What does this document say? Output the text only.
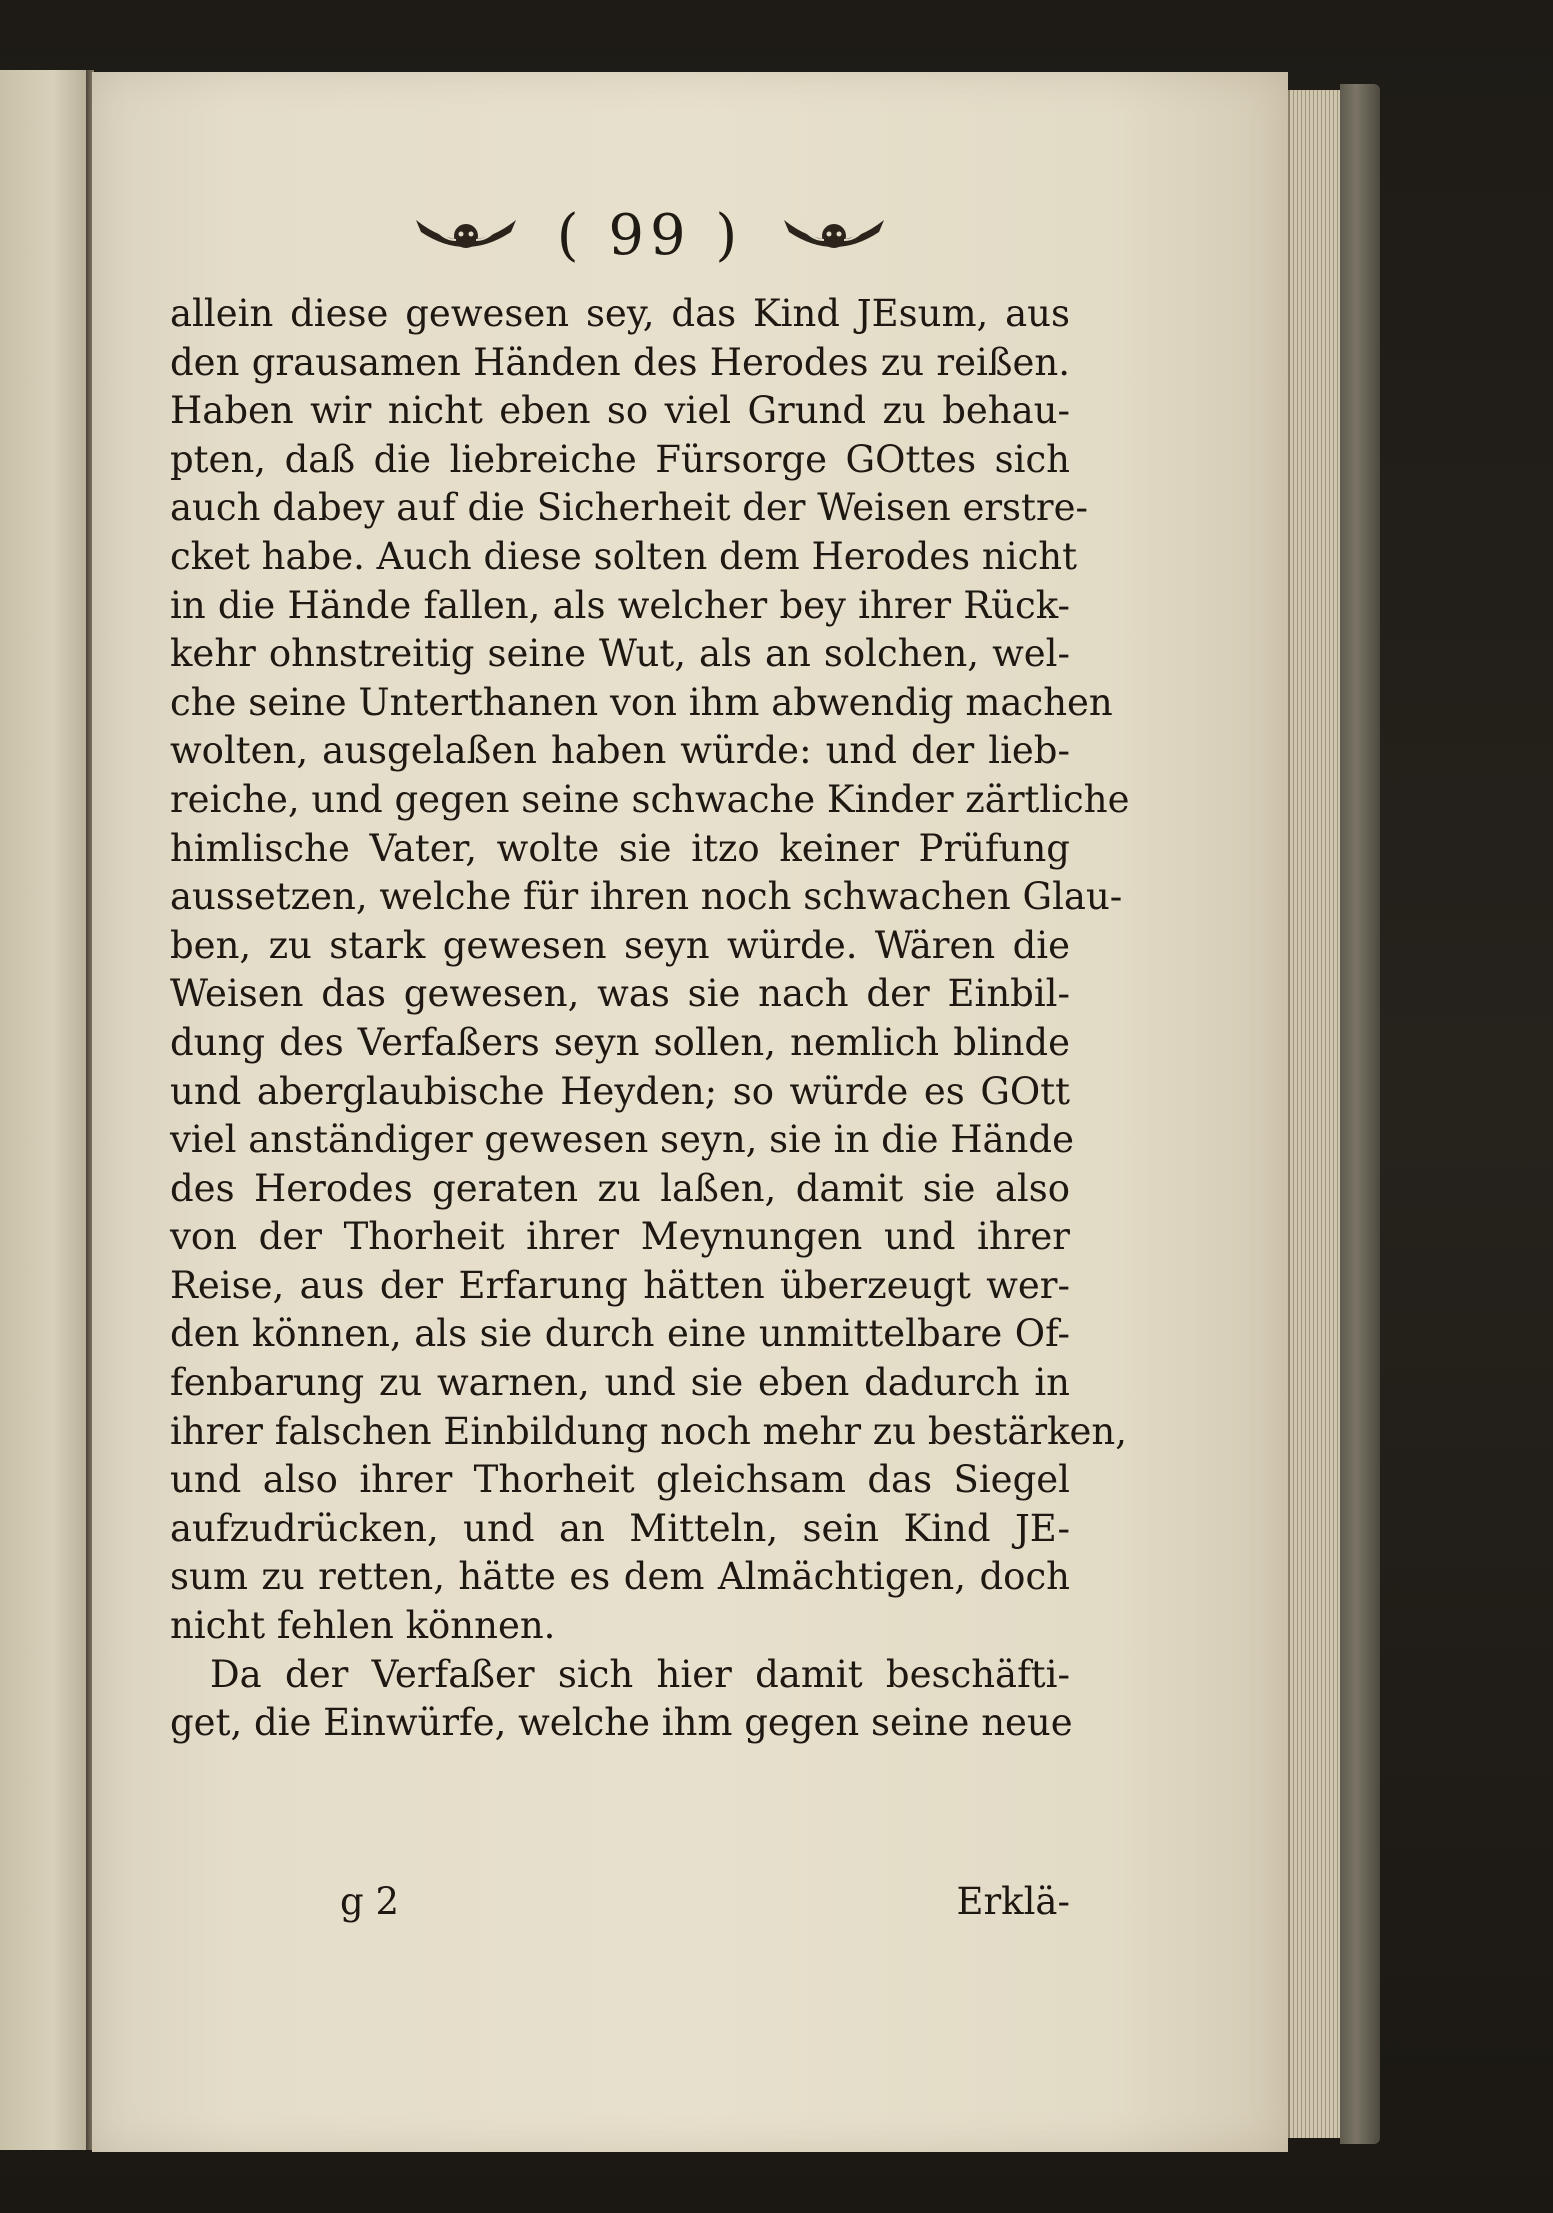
( 99 )
allein diese gewesen sey, das Kind JEsum, aus
den grausamen Händen des Herodes zu reißen.
Haben wir nicht eben so viel Grund zu behau-
pten, daß die liebreiche Fürsorge GOttes sich
auch dabey auf die Sicherheit der Weisen erstre-
cket habe. Auch diese solten dem Herodes nicht
in die Hände fallen, als welcher bey ihrer Rück-
kehr ohnstreitig seine Wut, als an solchen, wel-
che seine Unterthanen von ihm abwendig machen
wolten, ausgelaßen haben würde: und der lieb-
reiche, und gegen seine schwache Kinder zärtliche
himlische Vater, wolte sie itzo keiner Prüfung
aussetzen, welche für ihren noch schwachen Glau-
ben, zu stark gewesen seyn würde. Wären die
Weisen das gewesen, was sie nach der Einbil-
dung des Verfaßers seyn sollen, nemlich blinde
und aberglaubische Heyden; so würde es GOtt
viel anständiger gewesen seyn, sie in die Hände
des Herodes geraten zu laßen, damit sie also
von der Thorheit ihrer Meynungen und ihrer
Reise, aus der Erfarung hätten überzeugt wer-
den können, als sie durch eine unmittelbare Of-
fenbarung zu warnen, und sie eben dadurch in
ihrer falschen Einbildung noch mehr zu bestärken,
und also ihrer Thorheit gleichsam das Siegel
aufzudrücken, und an Mitteln, sein Kind JE-
sum zu retten, hätte es dem Almächtigen, doch
nicht fehlen können.
Da der Verfaßer sich hier damit beschäfti-
get, die Einwürfe, welche ihm gegen seine neue
g 2	Erklä-
